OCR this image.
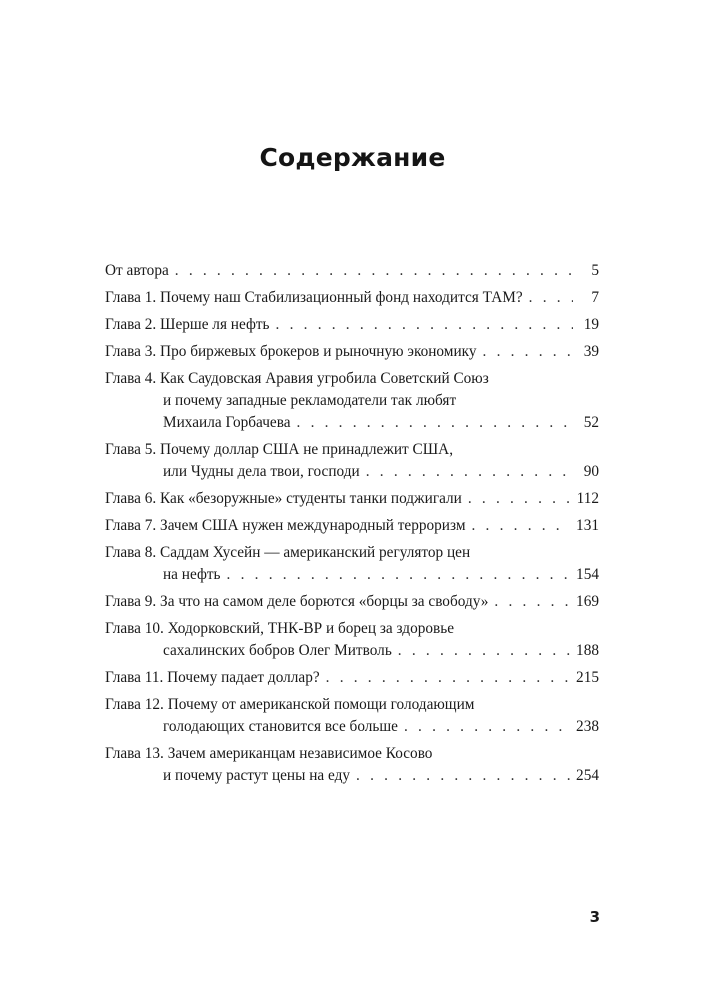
Содержание
От автора . . .	5
Глава 1. Почему наш Стабилизационный фонд находится ТАМ? . . .	7
Глава 2. Шерше ля нефть . . .	19
Глава 3. Про биржевых брокеров и рыночную экономику . . .	39
Глава 4. Как Саудовская Аравия угробила Советский Союз
и почему западные рекламодатели так любят
Михаила Горбачева . . .	52
Глава 5. Почему доллар США не принадлежит США,
или Чудны дела твои, господи . . .	90
Глава 6. Как «безоружные» студенты танки поджигали . . .	112
Глава 7. Зачем США нужен международный терроризм . . .	131
Глава 8. Саддам Хусейн — американский регулятор цен
на нефть . . .	154
Глава 9. За что на самом деле борются «борцы за свободу» . . .	169
Глава 10. Ходорковский, ТНК-ВР и борец за здоровье
сахалинских бобров Олег Митволь . . .	188
Глава 11. Почему падает доллар? . . .	215
Глава 12. Почему от американской помощи голодающим
голодающих становится все больше . . .	238
Глава 13. Зачем американцам независимое Косово
и почему растут цены на еду . . .	254
3
